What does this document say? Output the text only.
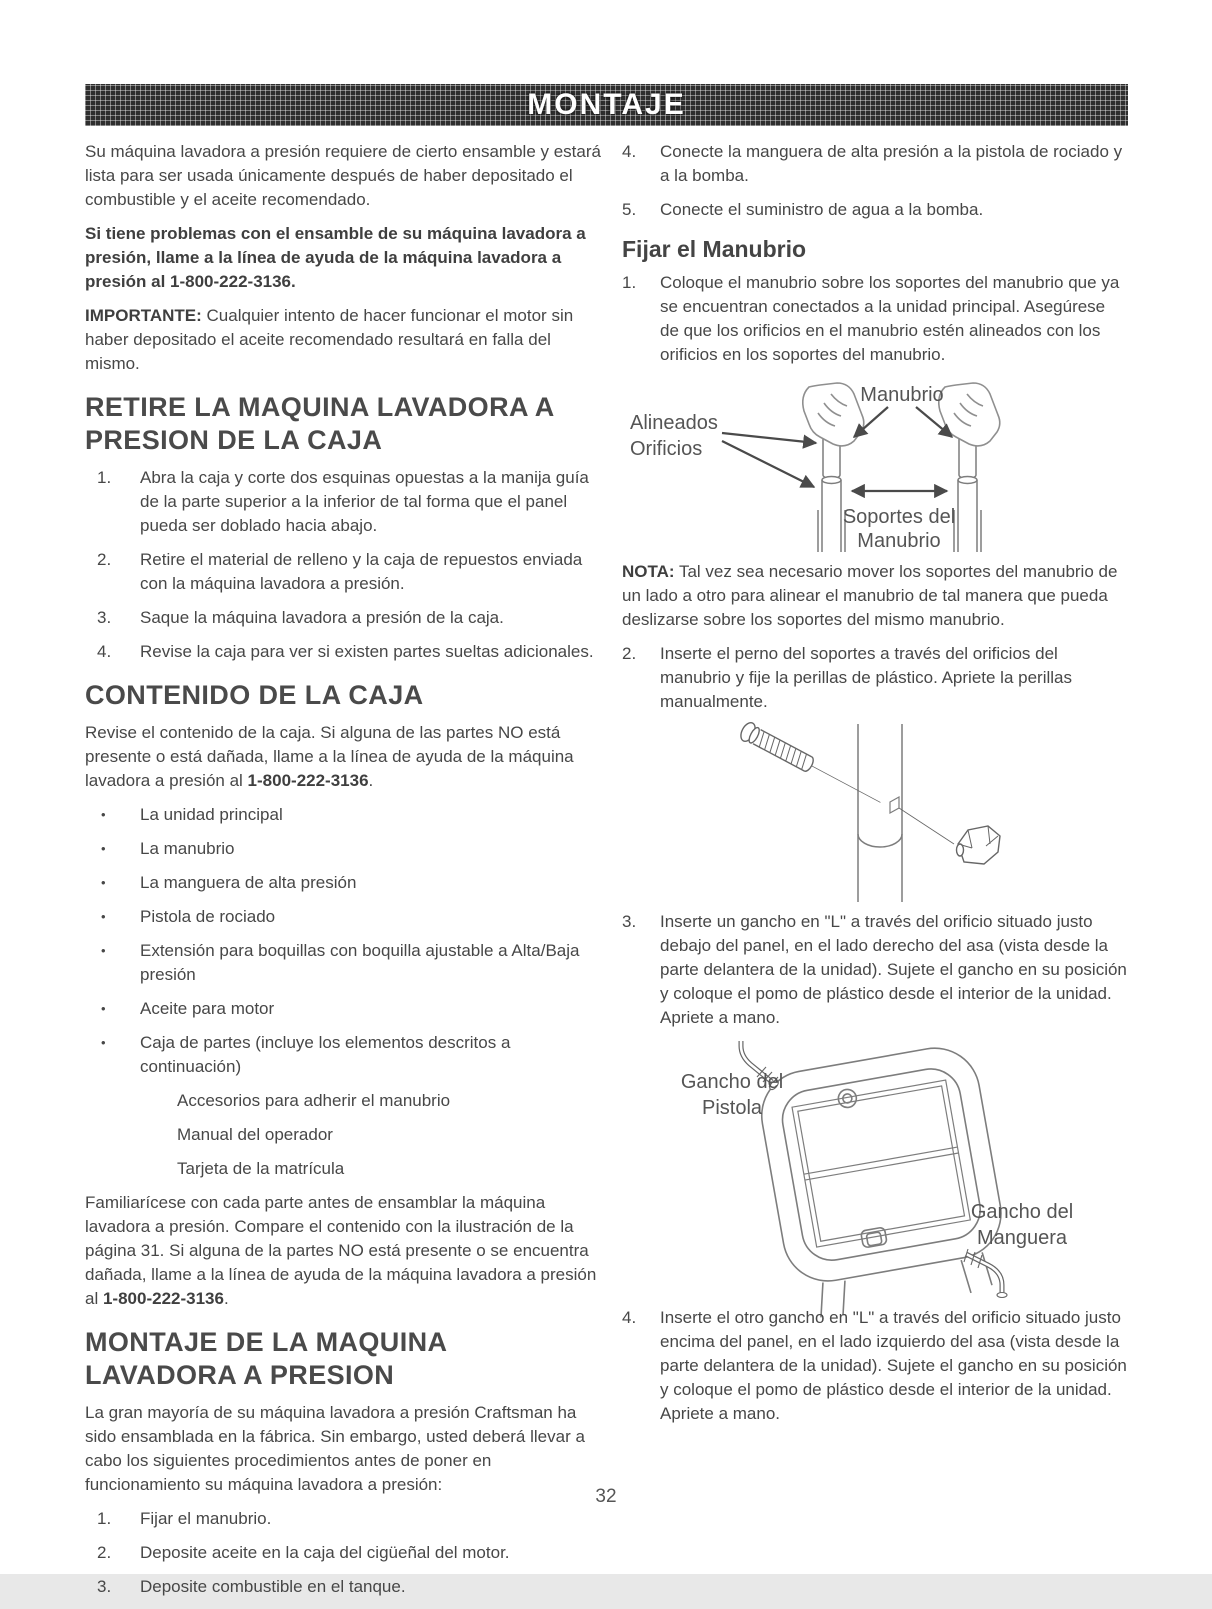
MONTAJE

Su máquina lavadora a presión requiere de cierto ensamble y estará lista para ser usada únicamente después de haber depositado el combustible y el aceite recomendado.

Si tiene problemas con el ensamble de su máquina lavadora a presión, llame a la línea de ayuda de la máquina lavadora a presión al 1-800-222-3136.

IMPORTANTE: Cualquier intento de hacer funcionar el motor sin haber depositado el aceite recomendado resultará en falla del mismo.

RETIRE LA MAQUINA LAVADORA A PRESION DE LA CAJA
1. Abra la caja y corte dos esquinas opuestas a la manija guía de la parte superior a la inferior de tal forma que el panel pueda ser doblado hacia abajo.
2. Retire el material de relleno y la caja de repuestos enviada con la máquina lavadora a presión.
3. Saque la máquina lavadora a presión de la caja.
4. Revise la caja para ver si existen partes sueltas adicionales.
CONTENIDO DE LA CAJA

Revise el contenido de la caja. Si alguna de las partes NO está presente o está dañada, llame a la línea de ayuda de la máquina lavadora a presión al 1-800-222-3136.

• La unidad principal
• La manubrio
• La manguera de alta presión
• Pistola de rociado
• Extensión para boquillas con boquilla ajustable a Alta/Baja presión
• Aceite para motor
• Caja de partes (incluye los elementos descritos a continuación)
Accesorios para adherir el manubrio
Manual del operador
Tarjeta de la matrícula

Familiarícese con cada parte antes de ensamblar la máquina lavadora a presión. Compare el contenido con la ilustración de la página 31. Si alguna de la partes NO está presente o se encuentra dañada, llame a la línea de ayuda de la máquina lavadora a presión al 1-800-222-3136.

MONTAJE DE LA MAQUINA LAVADORA A PRESION

La gran mayoría de su máquina lavadora a presión Craftsman ha sido ensamblada en la fábrica. Sin embargo, usted deberá llevar a cabo los siguientes procedimientos antes de poner en funcionamiento su máquina lavadora a presión:

1. Fijar el manubrio.
2. Deposite aceite en la caja del cigüeñal del motor.
3. Deposite combustible en el tanque.
4. Conecte la manguera de alta presión a la pistola de rociado y a la bomba.
5. Conecte el suministro de agua a la bomba.
Fijar el Manubrio
1. Coloque el manubrio sobre los soportes del manubrio que ya se encuentran conectados a la unidad principal. Asegúrese de que los orificios en el manubrio estén alineados con los orificios en los soportes del manubrio.
Manubrio
Alineados
Orificios
Soportes del
Manubrio

NOTA: Tal vez sea necesario mover los soportes del manubrio de un lado a otro para alinear el manubrio de tal manera que pueda deslizarse sobre los soportes del mismo manubrio.

2. Inserte el perno del soportes a través del orificios del manubrio y fije la perillas de plástico. Apriete la perillas manualmente.
3. Inserte un gancho en "L" a través del orificio situado justo debajo del panel, en el lado derecho del asa (vista desde la parte delantera de la unidad). Sujete el gancho en su posición y coloque el pomo de plástico desde el interior de la unidad. Apriete a mano.
Gancho del
Pistola
Gancho del
Manguera
4. Inserte el otro gancho en "L" a través del orificio situado justo encima del panel, en el lado izquierdo del asa (vista desde la parte delantera de la unidad). Sujete el gancho en su posición y coloque el pomo de plástico desde el interior de la unidad. Apriete a mano.
32
